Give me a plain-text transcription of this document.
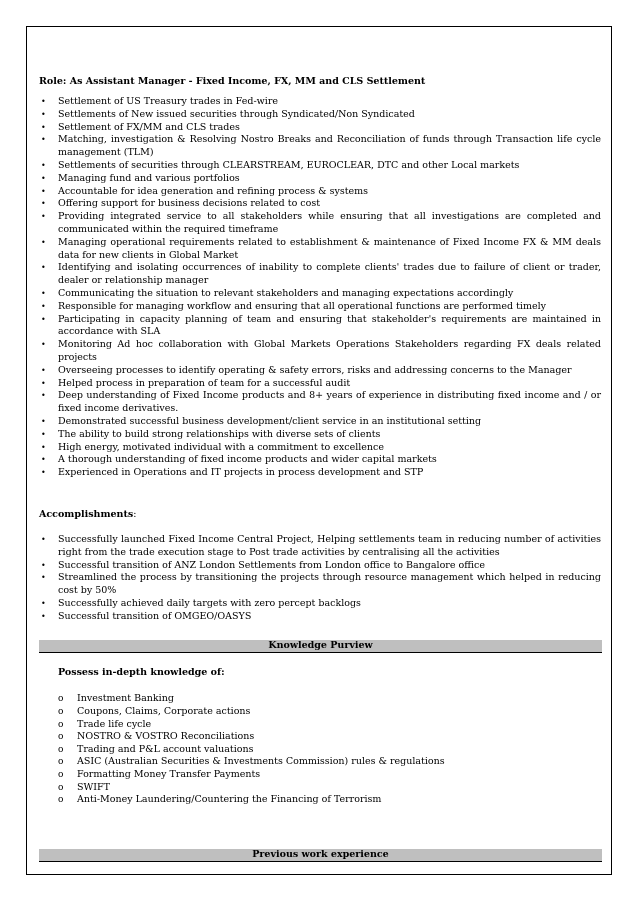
Role: As Assistant Manager - Fixed Income, FX, MM and CLS Settlement
• Settlement of US Treasury trades in Fed-wire
• Settlements of New issued securities through Syndicated/Non Syndicated
• Settlement of FX/MM and CLS trades
• Matching, investigation & Resolving Nostro Breaks and Reconciliation of funds through Transaction life cycle management (TLM)
• Settlements of securities through CLEARSTREAM, EUROCLEAR, DTC and other Local markets
• Managing fund and various portfolios
• Accountable for idea generation and refining process & systems
• Offering support for business decisions related to cost
• Providing integrated service to all stakeholders while ensuring that all investigations are completed and communicated within the required timeframe
• Managing operational requirements related to establishment & maintenance of Fixed Income FX & MM deals data for new clients in Global Market
• Identifying and isolating occurrences of inability to complete clients' trades due to failure of client or trader, dealer or relationship manager
• Communicating the situation to relevant stakeholders and managing expectations accordingly
• Responsible for managing workflow and ensuring that all operational functions are performed timely
• Participating in capacity planning of team and ensuring that stakeholder's requirements are maintained in accordance with SLA
• Monitoring Ad hoc collaboration with Global Markets Operations Stakeholders regarding FX deals related projects
• Overseeing processes to identify operating & safety errors, risks and addressing concerns to the Manager
• Helped process in preparation of team for a successful audit
• Deep understanding of Fixed Income products and 8+ years of experience in distributing fixed income and / or fixed income derivatives.
• Demonstrated successful business development/client service in an institutional setting
• The ability to build strong relationships with diverse sets of clients
• High energy, motivated individual with a commitment to excellence
• A thorough understanding of fixed income products and wider capital markets
• Experienced in Operations and IT projects in process development and STP
Accomplishments:
• Successfully launched Fixed Income Central Project, Helping settlements team in reducing number of activities right from the trade execution stage to Post trade activities by centralising all the activities
• Successful transition of ANZ London Settlements from London office to Bangalore office
• Streamlined the process by transitioning the projects through resource management which helped in reducing cost by 50%
• Successfully achieved daily targets with zero percept backlogs
• Successful transition of OMGEO/OASYS
Knowledge Purview
Possess in-depth knowledge of:
o Investment Banking
o Coupons, Claims, Corporate actions
o Trade life cycle
o NOSTRO & VOSTRO Reconciliations
o Trading and P&L account valuations
o ASIC (Australian Securities & Investments Commission) rules & regulations
o Formatting Money Transfer Payments
o SWIFT
o Anti-Money Laundering/Countering the Financing of Terrorism
Previous work experience
